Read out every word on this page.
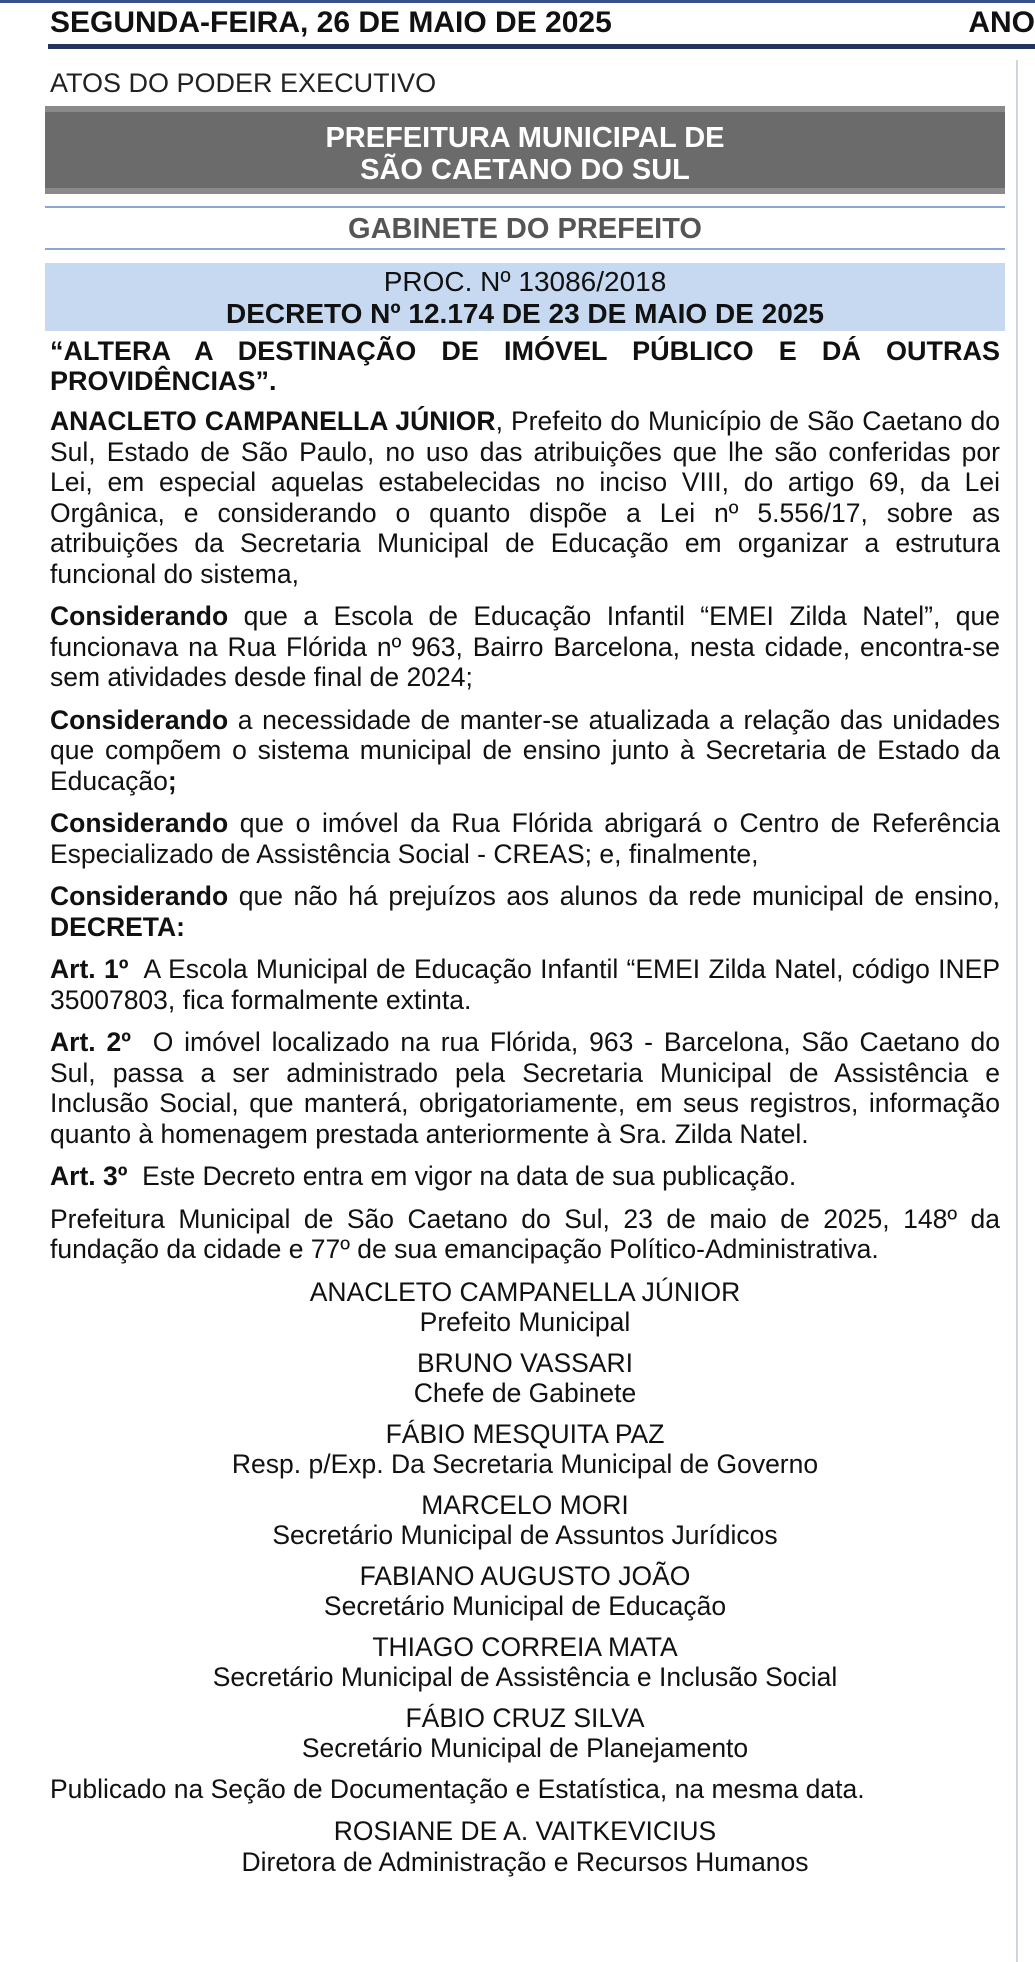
SEGUNDA-FEIRA, 26 DE MAIO DE 2025	ANO
ATOS DO PODER EXECUTIVO
PREFEITURA MUNICIPAL DE
SÃO CAETANO DO SUL
GABINETE DO PREFEITO
PROC. Nº 13086/2018
DECRETO Nº 12.174 DE 23 DE MAIO DE 2025

“ALTERA A DESTINAÇÃO DE IMÓVEL PÚBLICO E DÁ OUTRAS PROVIDÊNCIAS”.

ANACLETO CAMPANELLA JÚNIOR, Prefeito do Município de São Caetano do Sul, Estado de São Paulo, no uso das atribuições que lhe são conferidas por Lei, em especial aquelas estabelecidas no inciso VIII, do artigo 69, da Lei Orgânica, e considerando o quanto dispõe a Lei nº 5.556/17, sobre as atribuições da Secretaria Municipal de Educação em organizar a estrutura funcional do sistema,

Considerando que a Escola de Educação Infantil “EMEI Zilda Natel”, que funcionava na Rua Flórida nº 963, Bairro Barcelona, nesta cidade, encontra-se sem atividades desde final de 2024;

Considerando a necessidade de manter-se atualizada a relação das unidades que compõem o sistema municipal de ensino junto à Secretaria de Estado da Educação;

Considerando que o imóvel da Rua Flórida abrigará o Centro de Referência Especializado de Assistência Social - CREAS; e, finalmente,

Considerando que não há prejuízos aos alunos da rede municipal de ensino, DECRETA:

Art. 1º A Escola Municipal de Educação Infantil “EMEI Zilda Natel, código INEP 35007803, fica formalmente extinta.

Art. 2º O imóvel localizado na rua Flórida, 963 - Barcelona, São Caetano do Sul, passa a ser administrado pela Secretaria Municipal de Assistência e Inclusão Social, que manterá, obrigatoriamente, em seus registros, informação quanto à homenagem prestada anteriormente à Sra. Zilda Natel.

Art. 3º Este Decreto entra em vigor na data de sua publicação.

Prefeitura Municipal de São Caetano do Sul, 23 de maio de 2025, 148º da fundação da cidade e 77º de sua emancipação Político-Administrativa.

ANACLETO CAMPANELLA JÚNIOR
Prefeito Municipal
BRUNO VASSARI
Chefe de Gabinete
FÁBIO MESQUITA PAZ
Resp. p/Exp. Da Secretaria Municipal de Governo
MARCELO MORI
Secretário Municipal de Assuntos Jurídicos
FABIANO AUGUSTO JOÃO
Secretário Municipal de Educação
THIAGO CORREIA MATA
Secretário Municipal de Assistência e Inclusão Social
FÁBIO CRUZ SILVA
Secretário Municipal de Planejamento

Publicado na Seção de Documentação e Estatística, na mesma data.

ROSIANE DE A. VAITKEVICIUS
Diretora de Administração e Recursos Humanos
